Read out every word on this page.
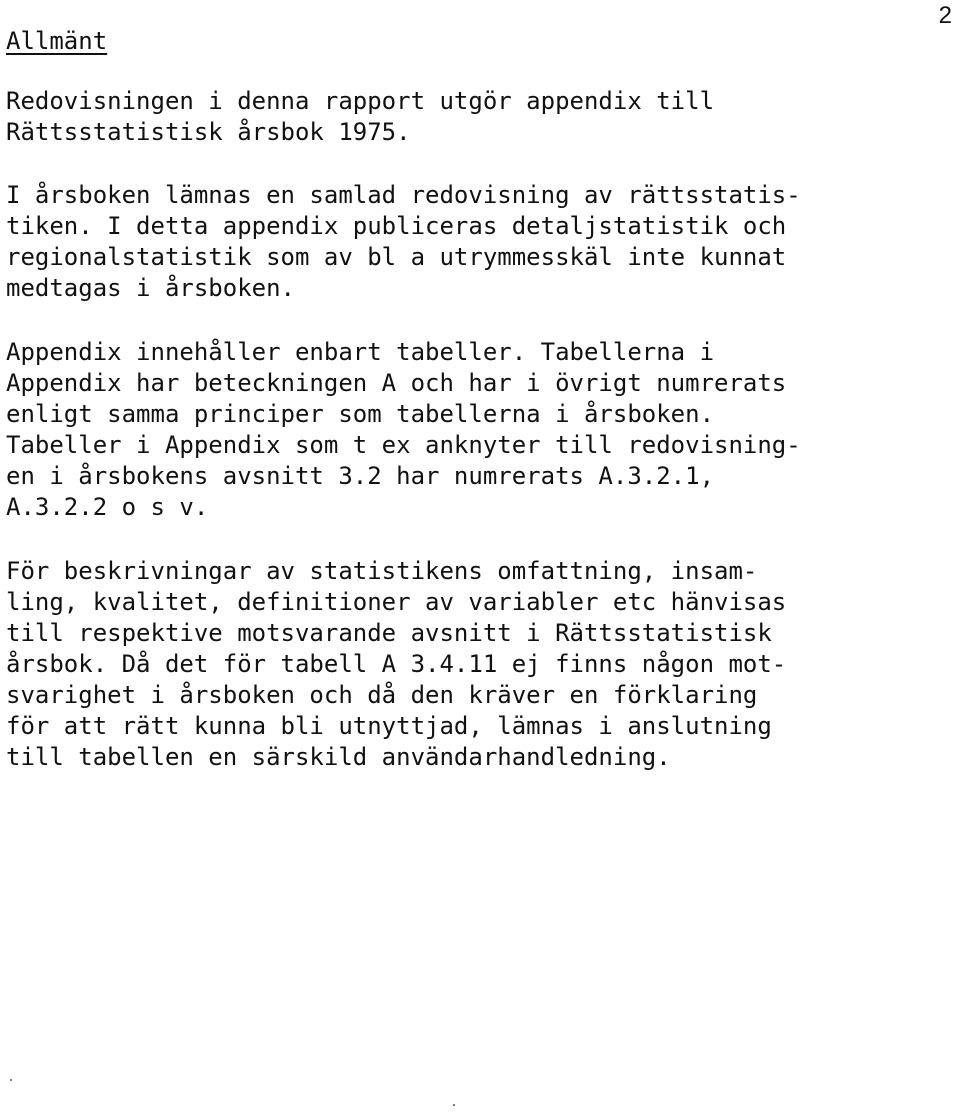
2
Allmänt
Redovisningen i denna rapport utgör appendix till
Rättsstatistisk årsbok 1975.
I årsboken lämnas en samlad redovisning av rättsstatis-
tiken. I detta appendix publiceras detaljstatistik och
regionalstatistik som av bl a utrymmesskäl inte kunnat
medtagas i årsboken.
Appendix innehåller enbart tabeller. Tabellerna i
Appendix har beteckningen A och har i övrigt numrerats
enligt samma principer som tabellerna i årsboken.
Tabeller i Appendix som t ex anknyter till redovisning-
en i årsbokens avsnitt 3.2 har numrerats A.3.2.1,
A.3.2.2 o s v.
För beskrivningar av statistikens omfattning, insam-
ling, kvalitet, definitioner av variabler etc hänvisas
till respektive motsvarande avsnitt i Rättsstatistisk
årsbok. Då det för tabell A 3.4.11 ej finns någon mot-
svarighet i årsboken och då den kräver en förklaring
för att rätt kunna bli utnyttjad, lämnas i anslutning
till tabellen en särskild användarhandledning.
